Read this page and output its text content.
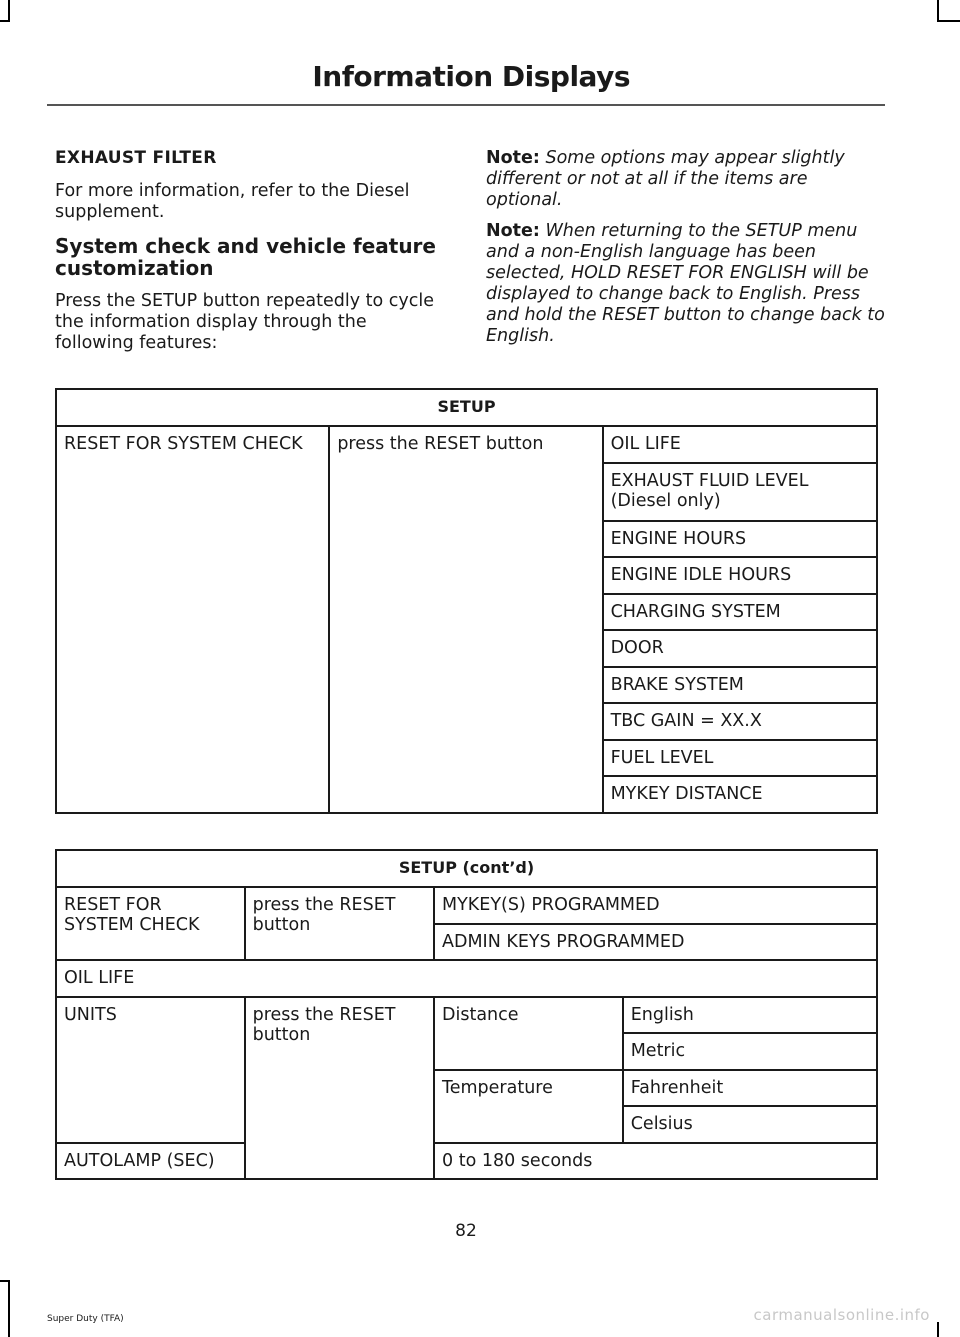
Information Displays
EXHAUST FILTER
For more information, refer to the Diesel supplement.
System check and vehicle feature customization
Press the SETUP button repeatedly to cycle the information display through the following features:
Note: Some options may appear slightly different or not at all if the items are optional.
Note: When returning to the SETUP menu and a non-English language has been selected, HOLD RESET FOR ENGLISH will be displayed to change back to English. Press and hold the RESET button to change back to English.
SETUP
RESET FOR SYSTEM CHECK	press the RESET button	OIL LIFE
EXHAUST FLUID LEVEL (Diesel only)
ENGINE HOURS
ENGINE IDLE HOURS
CHARGING SYSTEM
DOOR
BRAKE SYSTEM
TBC GAIN = XX.X
FUEL LEVEL
MYKEY DISTANCE
SETUP (cont’d)			
RESET FOR SYSTEM CHECK	press the RESET button	MYKEY(S) PROGRAMMED	
		ADMIN KEYS PROGRAMMED	
OIL LIFE			
UNITS	press the RESET button	Distance	English
			Metric
		Temperature	Fahrenheit
			Celsius
AUTOLAMP (SEC)		0 to 180 seconds	
82
Super Duty (TFA)	carmanualsonline.info
